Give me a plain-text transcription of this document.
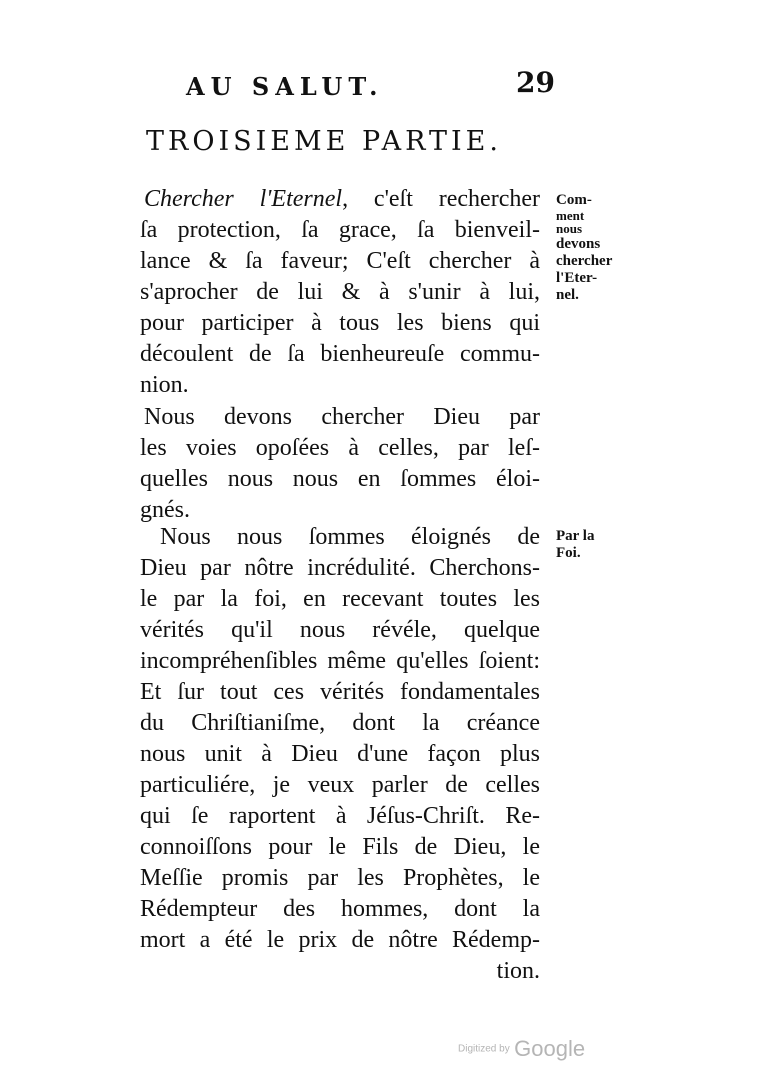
AU SALUT.	29
TROISIEME PARTIE.
Chercher l'Eternel, c'eſt rechercher
ſa protection, ſa grace, ſa bienveil-
lance & ſa faveur; C'eſt chercher à
s'aprocher de lui & à s'unir à lui,
pour participer à tous les biens qui
découlent de ſa bienheureuſe commu-
nion.
Nous devons chercher Dieu par
les voies opoſées à celles, par leſ-
quelles nous nous en ſommes éloi-
gnés.
Nous nous ſommes éloignés de
Dieu par nôtre incrédulité. Cherchons-
le par la foi, en recevant toutes les
vérités qu'il nous révéle, quelque
incompréhenſibles même qu'elles ſoient:
Et ſur tout ces vérités fondamentales
du Chriſtianiſme, dont la créance
nous unit à Dieu d'une façon plus
particuliére, je veux parler de celles
qui ſe raportent à Jéſus-Chriſt. Re-
connoiſſons pour le Fils de Dieu, le
Meſſie promis par les Prophètes, le
Rédempteur des hommes, dont la
mort a été le prix de nôtre Rédemp-
tion.
Com-
ment
nous
devons
chercher
l'Eter-
nel.
Par la
Foi.
Digitized by Google
